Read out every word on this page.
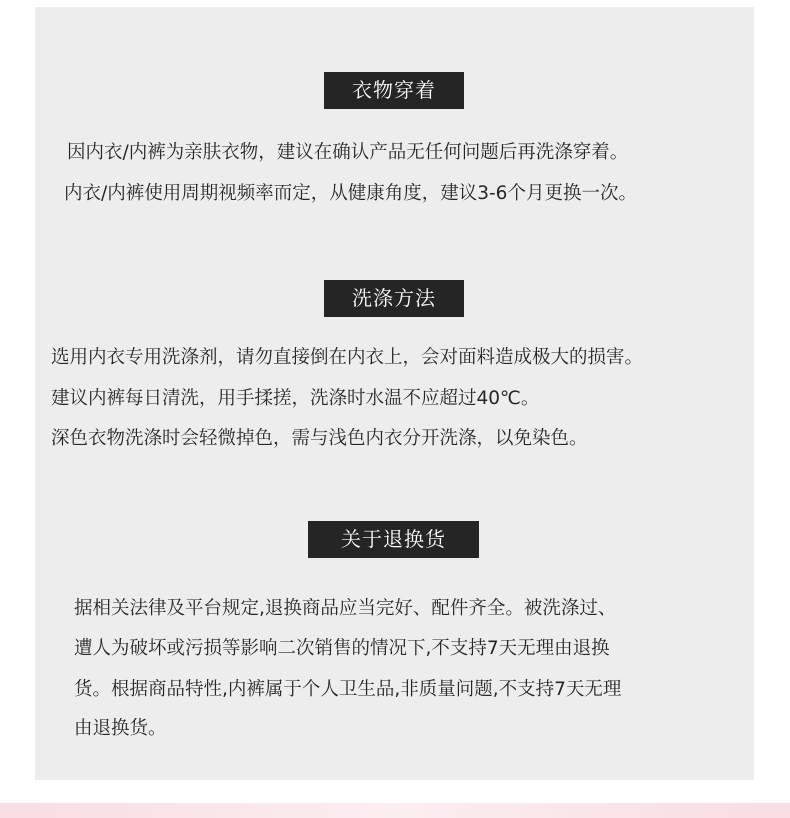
衣物穿着
因内衣/内裤为亲肤衣物，建议在确认产品无任何问题后再洗涤穿着。
内衣/内裤使用周期视频率而定，从健康角度，建议3-6个月更换一次。
洗涤方法
选用内衣专用洗涤剂，请勿直接倒在内衣上，会对面料造成极大的损害。
建议内裤每日清洗，用手揉搓，洗涤时水温不应超过40℃。
深色衣物洗涤时会轻微掉色，需与浅色内衣分开洗涤，以免染色。
关于退换货
据相关法律及平台规定,退换商品应当完好、配件齐全。被洗涤过、
遭人为破坏或污损等影响二次销售的情况下,不支持7天无理由退换
货。根据商品特性,内裤属于个人卫生品,非质量问题,不支持7天无理
由退换货。
